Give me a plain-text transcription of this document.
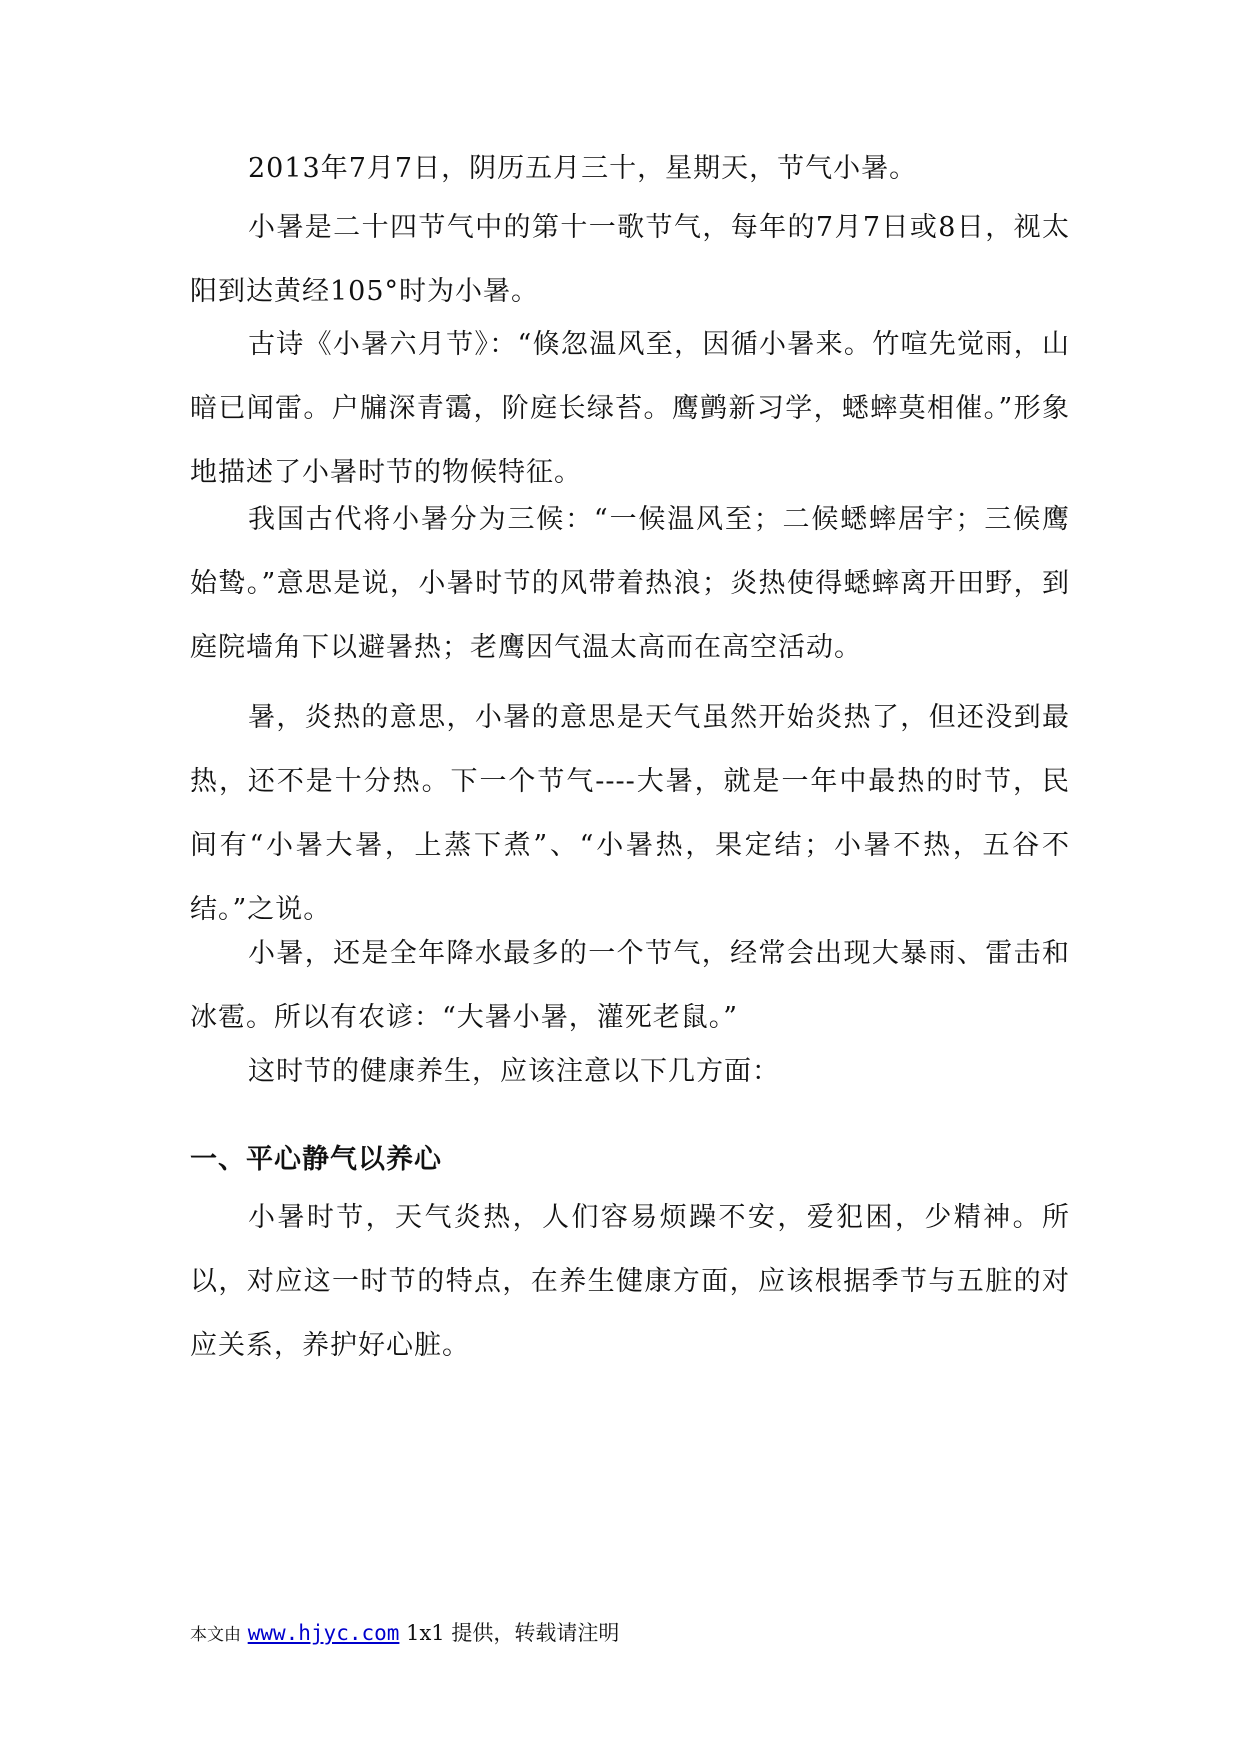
2013年7月7日，阴历五月三十，星期天，节气小暑。

小暑是二十四节气中的第十一歌节气，每年的7月7日或8日，视太阳到达黄经105°时为小暑。

古诗《小暑六月节》：“倏忽温风至，因循小暑来。竹喧先觉雨，山暗已闻雷。户牖深青霭，阶庭长绿苔。鹰鹯新习学，蟋蟀莫相催。”形象地描述了小暑时节的物候特征。

我国古代将小暑分为三候：“一候温风至；二候蟋蟀居宇；三候鹰始鸷。”意思是说，小暑时节的风带着热浪；炎热使得蟋蟀离开田野，到庭院墙角下以避暑热；老鹰因气温太高而在高空活动。

暑，炎热的意思，小暑的意思是天气虽然开始炎热了，但还没到最热，还不是十分热。下一个节气----大暑，就是一年中最热的时节，民间有“小暑大暑，上蒸下煮”、“小暑热，果定结；小暑不热，五谷不结。”之说。

小暑，还是全年降水最多的一个节气，经常会出现大暴雨、雷击和冰雹。所以有农谚：“大暑小暑，灌死老鼠。”

这时节的健康养生，应该注意以下几方面：

一、平心静气以养心

小暑时节，天气炎热，人们容易烦躁不安，爱犯困，少精神。所以，对应这一时节的特点，在养生健康方面，应该根据季节与五脏的对应关系，养护好心脏。

本文由 www.hjyc.com 1x1 提供，转载请注明
